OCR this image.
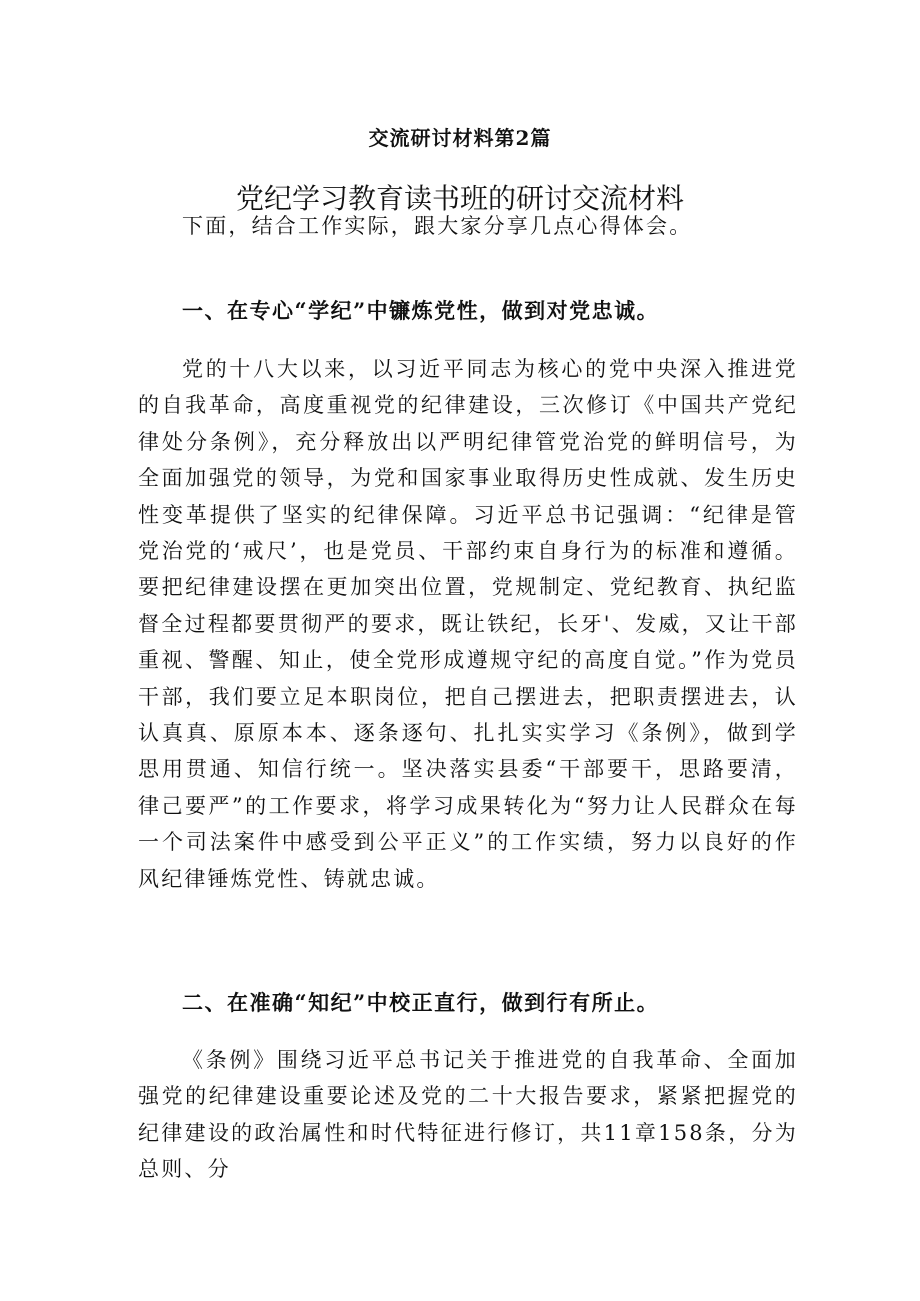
交流研讨材料第2篇
党纪学习教育读书班的研讨交流材料

下面，结合工作实际，跟大家分享几点心得体会。

一、在专心“学纪”中镰炼党性，做到对党忠诚。

党的十八大以来，以习近平同志为核心的党中央深入推进党的自我革命，高度重视党的纪律建设，三次修订《中国共产党纪律处分条例》，充分释放出以严明纪律管党治党的鲜明信号，为全面加强党的领导，为党和国家事业取得历史性成就、发生历史性变革提供了坚实的纪律保障。习近平总书记强调：“纪律是管党治党的‘戒尺’，也是党员、干部约束自身行为的标准和遵循。要把纪律建设摆在更加突出位置，党规制定、党纪教育、执纪监督全过程都要贯彻严的要求，既让铁纪，长牙'、发威，又让干部重视、警醒、知止，使全党形成遵规守纪的高度自觉。”作为党员干部，我们要立足本职岗位，把自己摆进去，把职责摆进去，认认真真、原原本本、逐条逐句、扎扎实实学习《条例》，做到学思用贯通、知信行统一。坚决落实县委“干部要干，思路要清，律己要严”的工作要求，将学习成果转化为“努力让人民群众在每一个司法案件中感受到公平正义”的工作实绩，努力以良好的作风纪律锤炼党性、铸就忠诚。

二、在准确“知纪”中校正直行，做到行有所止。

《条例》围绕习近平总书记关于推进党的自我革命、全面加强党的纪律建设重要论述及党的二十大报告要求，紧紧把握党的纪律建设的政治属性和时代特征进行修订，共11章158条，分为总则、分
